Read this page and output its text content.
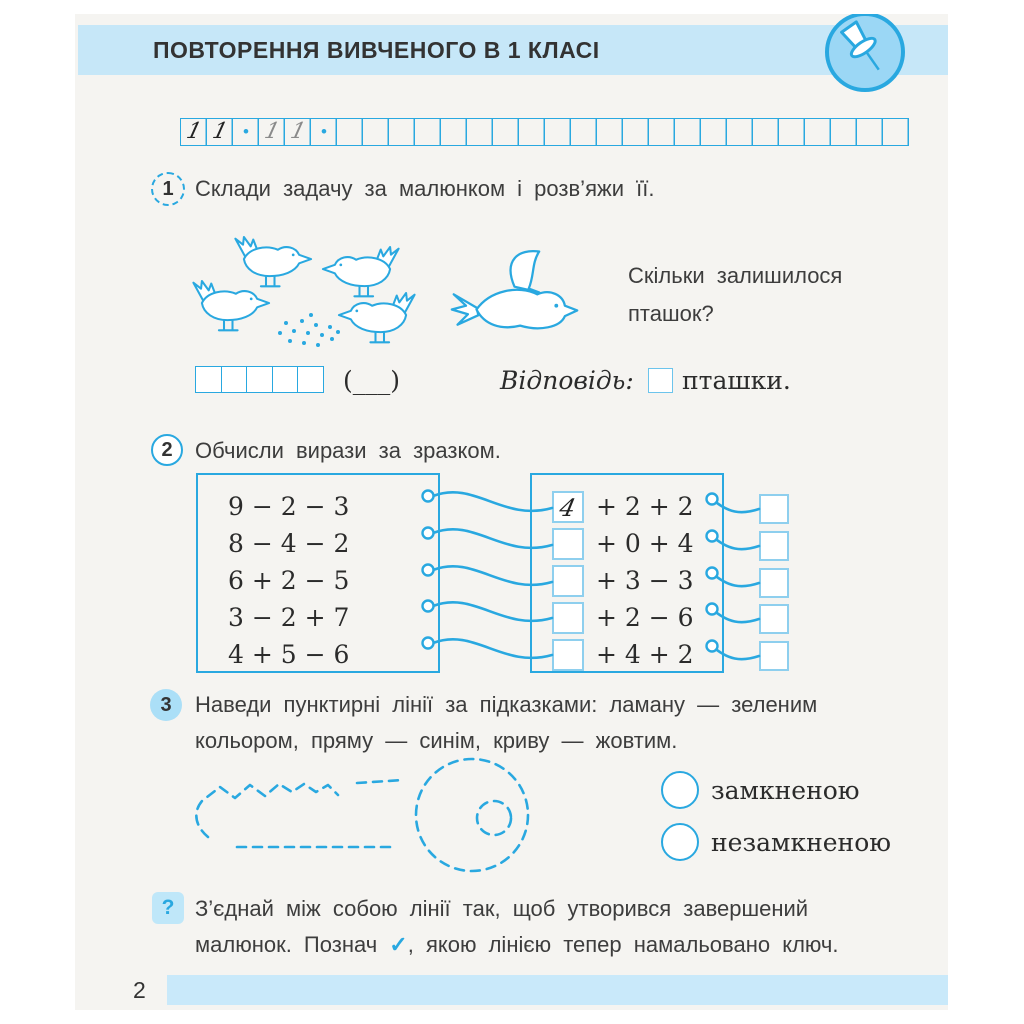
ПОВТОРЕННЯ ВИВЧЕНОГО В 1 КЛАСІ
1 1 • 1 1 •
1 Склади задачу за малюнком і розв’яжи її.
Скільки залишилося
пташок?
(___)	Відповідь: пташки.
2	Обчисли вирази за зразком.
9 − 2 − 3
8 − 4 − 2
6 + 2 − 5
3 − 2 + 7
4 + 5 − 6
4 + 2 + 2
+ 0 + 4
+ 3 − 3
+ 2 − 6
+ 4 + 2
3	Наведи пунктирні лінії за підказками: ламану — зеленим
кольором, пряму — синім, криву — жовтим.
замкненою
незамкненою
? З’єднай між собою лінії так, щоб утворився завершений
малюнок. Познач ✓, якою лінією тепер намальовано ключ.
2
